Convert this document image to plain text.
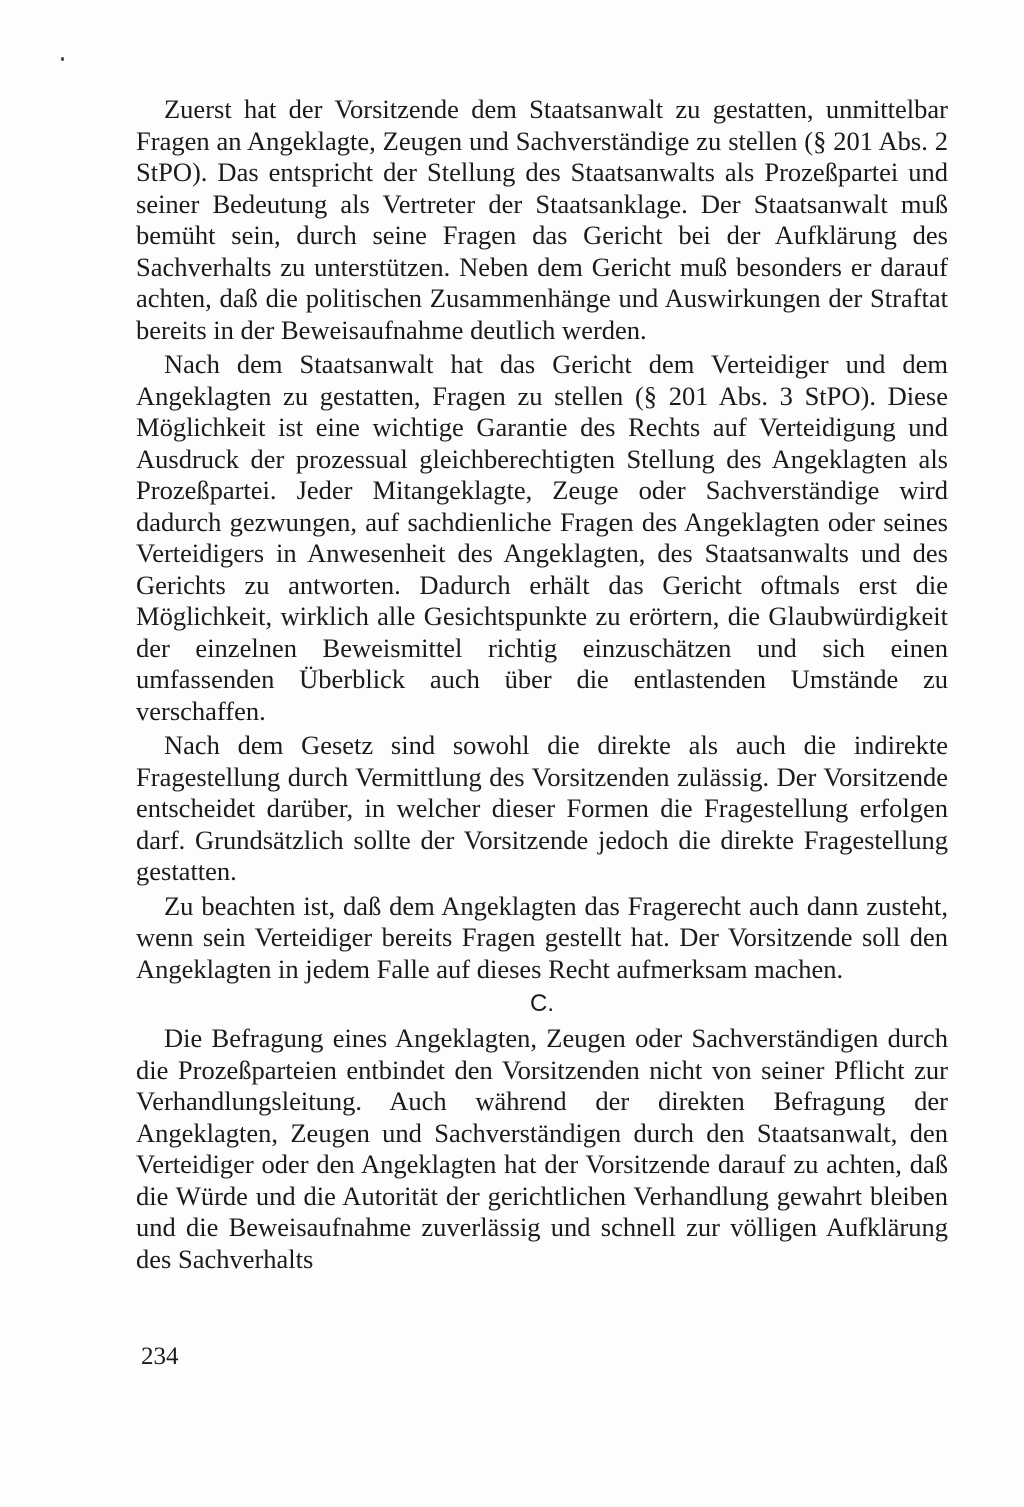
Zuerst hat der Vorsitzende dem Staatsanwalt zu gestatten, unmittelbar Fragen an Angeklagte, Zeugen und Sachverständige zu stellen (§ 201 Abs. 2 StPO). Das entspricht der Stellung des Staatsanwalts als Prozeßpartei und seiner Bedeutung als Vertreter der Staatsanklage. Der Staatsanwalt muß bemüht sein, durch seine Fragen das Gericht bei der Aufklärung des Sachverhalts zu unterstützen. Neben dem Gericht muß besonders er darauf achten, daß die politischen Zusammenhänge und Auswirkungen der Straftat bereits in der Beweisaufnahme deutlich werden.

Nach dem Staatsanwalt hat das Gericht dem Verteidiger und dem Angeklagten zu gestatten, Fragen zu stellen (§ 201 Abs. 3 StPO). Diese Möglichkeit ist eine wichtige Garantie des Rechts auf Verteidigung und Ausdruck der prozessual gleichberechtigten Stellung des Angeklagten als Prozeßpartei. Jeder Mitangeklagte, Zeuge oder Sachverständige wird dadurch gezwungen, auf sachdienliche Fragen des Angeklagten oder seines Verteidigers in Anwesenheit des Angeklagten, des Staatsanwalts und des Gerichts zu antworten. Dadurch erhält das Gericht oftmals erst die Möglichkeit, wirklich alle Gesichtspunkte zu erörtern, die Glaubwürdigkeit der einzelnen Beweismittel richtig einzuschätzen und sich einen umfassenden Überblick auch über die entlastenden Umstände zu verschaffen.

Nach dem Gesetz sind sowohl die direkte als auch die indirekte Fragestellung durch Vermittlung des Vorsitzenden zulässig. Der Vorsitzende entscheidet darüber, in welcher dieser Formen die Fragestellung erfolgen darf. Grundsätzlich sollte der Vorsitzende jedoch die direkte Fragestellung gestatten.

Zu beachten ist, daß dem Angeklagten das Fragerecht auch dann zusteht, wenn sein Verteidiger bereits Fragen gestellt hat. Der Vorsitzende soll den Angeklagten in jedem Falle auf dieses Recht aufmerksam machen.

C.

Die Befragung eines Angeklagten, Zeugen oder Sachverständigen durch die Prozeßparteien entbindet den Vorsitzenden nicht von seiner Pflicht zur Verhandlungsleitung. Auch während der direkten Befragung der Angeklagten, Zeugen und Sachverständigen durch den Staatsanwalt, den Verteidiger oder den Angeklagten hat der Vorsitzende darauf zu achten, daß die Würde und die Autorität der gerichtlichen Verhandlung gewahrt bleiben und die Beweisaufnahme zuverlässig und schnell zur völligen Aufklärung des Sachverhalts

234
